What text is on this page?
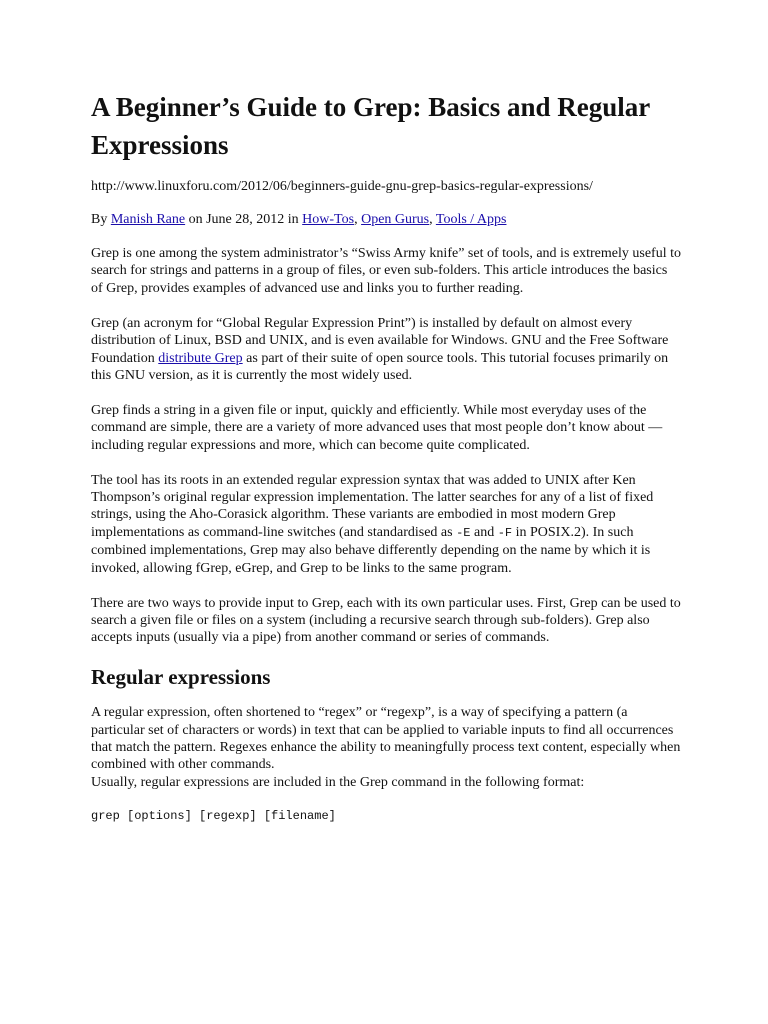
A Beginner’s Guide to Grep: Basics and Regular Expressions
http://www.linuxforu.com/2012/06/beginners-guide-gnu-grep-basics-regular-expressions/
By Manish Rane on June 28, 2012 in How-Tos, Open Gurus, Tools / Apps

Grep is one among the system administrator’s “Swiss Army knife” set of tools, and is extremely useful to search for strings and patterns in a group of files, or even sub-folders. This article introduces the basics of Grep, provides examples of advanced use and links you to further reading.

Grep (an acronym for “Global Regular Expression Print”) is installed by default on almost every distribution of Linux, BSD and UNIX, and is even available for Windows. GNU and the Free Software Foundation distribute Grep as part of their suite of open source tools. This tutorial focuses primarily on this GNU version, as it is currently the most widely used.

Grep finds a string in a given file or input, quickly and efficiently. While most everyday uses of the command are simple, there are a variety of more advanced uses that most people don’t know about — including regular expressions and more, which can become quite complicated.

The tool has its roots in an extended regular expression syntax that was added to UNIX after Ken Thompson’s original regular expression implementation. The latter searches for any of a list of fixed strings, using the Aho-Corasick algorithm. These variants are embodied in most modern Grep implementations as command-line switches (and standardised as -E and -F in POSIX.2). In such combined implementations, Grep may also behave differently depending on the name by which it is invoked, allowing fGrep, eGrep, and Grep to be links to the same program.

There are two ways to provide input to Grep, each with its own particular uses. First, Grep can be used to search a given file or files on a system (including a recursive search through sub-folders). Grep also accepts inputs (usually via a pipe) from another command or series of commands.

Regular expressions

A regular expression, often shortened to “regex” or “regexp”, is a way of specifying a pattern (a particular set of characters or words) in text that can be applied to variable inputs to find all occurrences that match the pattern. Regexes enhance the ability to meaningfully process text content, especially when combined with other commands.

Usually, regular expressions are included in the Grep command in the following format:

grep [options] [regexp] [filename]
